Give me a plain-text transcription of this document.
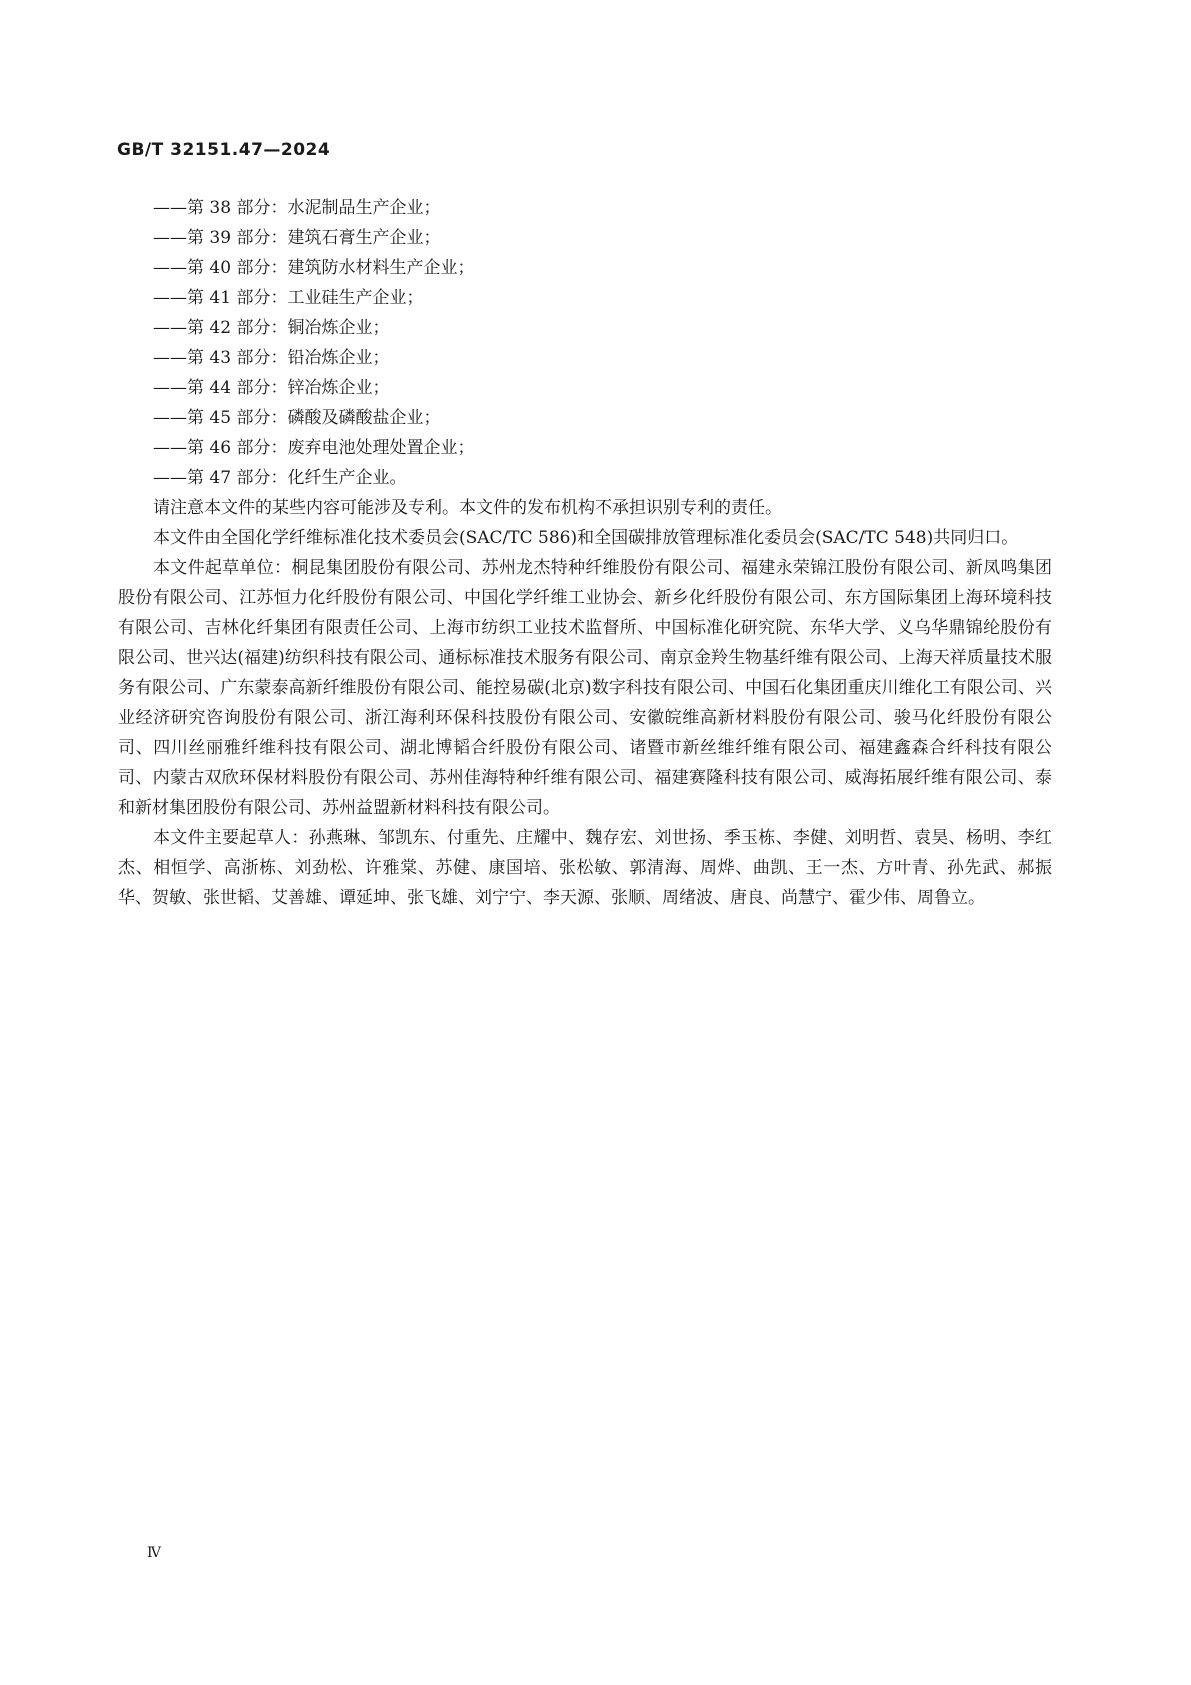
GB/T 32151.47—2024
——第 38 部分：水泥制品生产企业；
——第 39 部分：建筑石膏生产企业；
——第 40 部分：建筑防水材料生产企业；
——第 41 部分：工业硅生产企业；
——第 42 部分：铜冶炼企业；
——第 43 部分：铅冶炼企业；
——第 44 部分：锌冶炼企业；
——第 45 部分：磷酸及磷酸盐企业；
——第 46 部分：废弃电池处理处置企业；
——第 47 部分：化纤生产企业。

请注意本文件的某些内容可能涉及专利。本文件的发布机构不承担识别专利的责任。

本文件由全国化学纤维标准化技术委员会(SAC/TC 586)和全国碳排放管理标准化委员会(SAC/TC 548)共同归口。

本文件起草单位：桐昆集团股份有限公司、苏州龙杰特种纤维股份有限公司、福建永荣锦江股份有限公司、新凤鸣集团股份有限公司、江苏恒力化纤股份有限公司、中国化学纤维工业协会、新乡化纤股份有限公司、东方国际集团上海环境科技有限公司、吉林化纤集团有限责任公司、上海市纺织工业技术监督所、中国标准化研究院、东华大学、义乌华鼎锦纶股份有限公司、世兴达(福建)纺织科技有限公司、通标标准技术服务有限公司、南京金羚生物基纤维有限公司、上海天祥质量技术服务有限公司、广东蒙泰高新纤维股份有限公司、能控易碳(北京)数字科技有限公司、中国石化集团重庆川维化工有限公司、兴业经济研究咨询股份有限公司、浙江海利环保科技股份有限公司、安徽皖维高新材料股份有限公司、骏马化纤股份有限公司、四川丝丽雅纤维科技有限公司、湖北博韬合纤股份有限公司、诸暨市新丝维纤维有限公司、福建鑫森合纤科技有限公司、内蒙古双欣环保材料股份有限公司、苏州佳海特种纤维有限公司、福建赛隆科技有限公司、威海拓展纤维有限公司、泰和新材集团股份有限公司、苏州益盟新材料科技有限公司。

本文件主要起草人：孙燕琳、邹凯东、付重先、庄耀中、魏存宏、刘世扬、季玉栋、李健、刘明哲、袁昊、杨明、李红杰、相恒学、高浙栋、刘劲松、许雅棠、苏健、康国培、张松敏、郭清海、周烨、曲凯、王一杰、方叶青、孙先武、郝振华、贺敏、张世韬、艾善雄、谭延坤、张飞雄、刘宁宁、李天源、张顺、周绪波、唐良、尚慧宁、霍少伟、周鲁立。

Ⅳ
